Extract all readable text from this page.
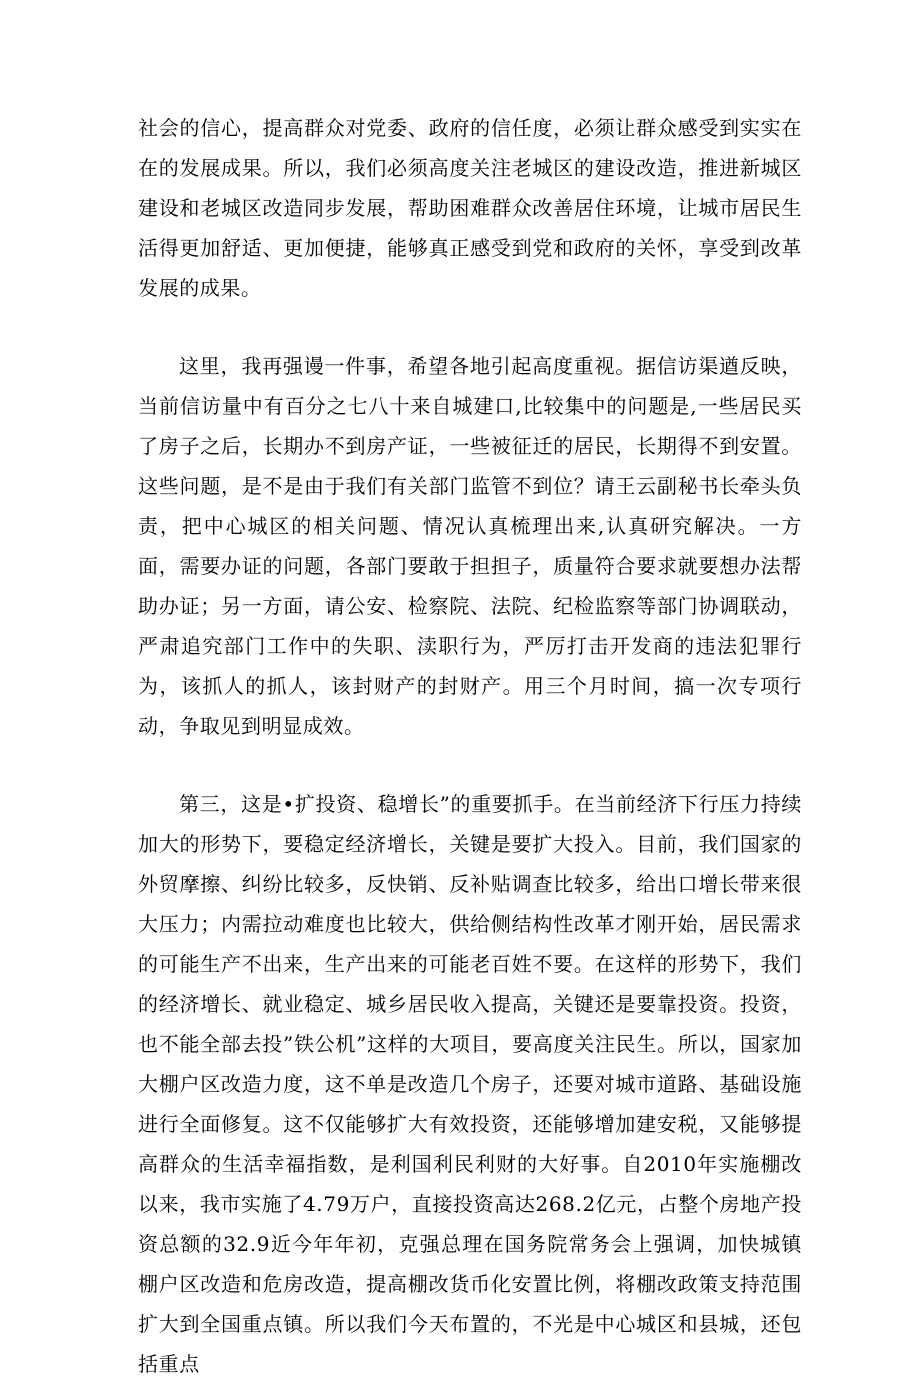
社会的信心，提高群众对党委、政府的信任度，必须让群众感受到实实在在的发展成果。所以，我们必须高度关注老城区的建设改造，推进新城区建设和老城区改造同步发展，帮助困难群众改善居住环境，让城市居民生活得更加舒适、更加便捷，能够真正感受到党和政府的关怀，享受到改革发展的成果。

这里，我再强谩一件事，希望各地引起高度重视。据信访渠遒反映，当前信访量中有百分之七八十来自城建口,比较集中的问题是,一些居民买了房子之后，长期办不到房产证，一些被征迁的居民，长期得不到安置。这些问题，是不是由于我们有关部门监管不到位？请王云副秘书长牵头负责，把中心城区的相关问题、情况认真梳理出来,认真研究解决。一方面，需要办证的问题，各部门要敢于担担子，质量符合要求就要想办法帮助办证；另一方面，请公安、检察院、法院、纪检监察等部门协调联动，严肃追究部门工作中的失职、渎职行为，严厉打击开发商的违法犯罪行为，该抓人的抓人，该封财产的封财产。用三个月时间，搞一次专项行动，争取见到明显成效。

第三，这是•扩投资、稳增长”的重要抓手。在当前经济下行压力持续加大的形势下，要稳定经济增长，关键是要扩大投入。目前，我们国家的外贸摩擦、纠纷比较多，反快销、反补贴调查比较多，给出口增长带来很大压力；内需拉动难度也比较大，供给侧结构性改革才刚开始，居民需求的可能生产不出来，生产出来的可能老百姓不要。在这样的形势下，我们的经济增长、就业稳定、城乡居民收入提高，关键还是要靠投资。投资，也不能全部去投”铁公机”这样的大项目，要高度关注民生。所以，国家加大棚户区改造力度，这不单是改造几个房子，还要对城市道路、基础设施进行全面修复。这不仅能够扩大有效投资，还能够增加建安税，又能够提高群众的生活幸福指数，是利国利民利财的大好事。自2010年实施棚改以来，我市实施了4.79万户，直接投资高达268.2亿元，占整个房地产投资总额的32.9近今年年初，克强总理在国务院常务会上强调，加快城镇棚户区改造和危房改造，提高棚改货币化安置比例，将棚改政策支持范围扩大到全国重点镇。所以我们今天布置的，不光是中心城区和县城，还包括重点
